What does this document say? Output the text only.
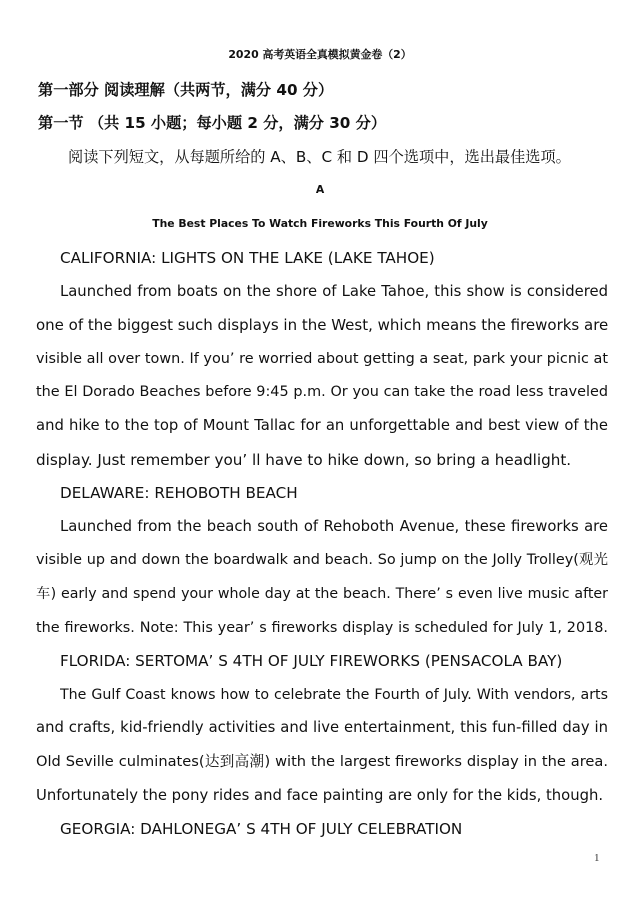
2020 高考英语全真模拟黄金卷（2）
第一部分 阅读理解（共两节，满分 40 分）
第一节 （共 15 小题；每小题 2 分，满分 30 分）
阅读下列短文，从每题所给的 A、B、C 和 D 四个选项中，选出最佳选项。
A
The Best Places To Watch Fireworks This Fourth Of July
CALIFORNIA: LIGHTS ON THE LAKE (LAKE TAHOE)
Launched from boats on the shore of Lake Tahoe, this show is considered
one of the biggest such displays in the West, which means the fireworks are
visible all over town. If you’ re worried about getting a seat, park your picnic at
the El Dorado Beaches before 9:45 p.m. Or you can take the road less traveled
and hike to the top of Mount Tallac for an unforgettable and best view of the
display. Just remember you’ ll have to hike down, so bring a headlight.
DELAWARE: REHOBOTH BEACH
Launched from the beach south of Rehoboth Avenue, these fireworks are
visible up and down the boardwalk and beach. So jump on the Jolly Trolley(观光
车) early and spend your whole day at the beach. There’ s even live music after
the fireworks. Note: This year’ s fireworks display is scheduled for July 1, 2018.
FLORIDA: SERTOMA’ S 4TH OF JULY FIREWORKS (PENSACOLA BAY)
The Gulf Coast knows how to celebrate the Fourth of July. With vendors, arts
and crafts, kid-friendly activities and live entertainment, this fun-filled day in
Old Seville culminates(达到高潮) with the largest fireworks display in the area.
Unfortunately the pony rides and face painting are only for the kids, though.
GEORGIA: DAHLONEGA’ S 4TH OF JULY CELEBRATION
1
